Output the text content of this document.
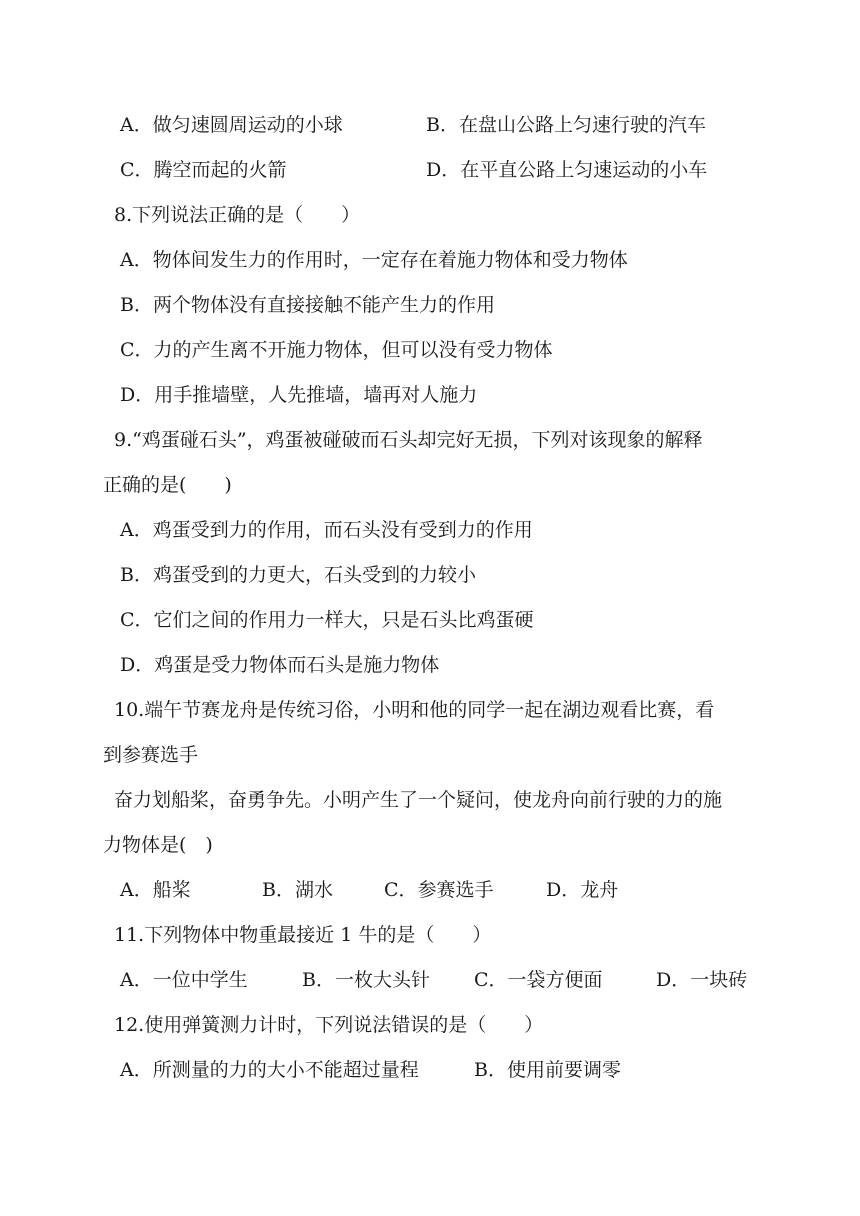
A．做匀速圆周运动的小球	B．在盘山公路上匀速行驶的汽车
C．腾空而起的火箭	D．在平直公路上匀速运动的小车
8.下列说法正确的是（　　）
A．物体间发生力的作用时，一定存在着施力物体和受力物体
B．两个物体没有直接接触不能产生力的作用
C．力的产生离不开施力物体，但可以没有受力物体
D．用手推墙壁，人先推墙，墙再对人施力
9.“鸡蛋碰石头”，鸡蛋被碰破而石头却完好无损，下列对该现象的解释
正确的是(　　)
A．鸡蛋受到力的作用，而石头没有受到力的作用
B．鸡蛋受到的力更大，石头受到的力较小
C．它们之间的作用力一样大，只是石头比鸡蛋硬
D．鸡蛋是受力物体而石头是施力物体
10.端午节赛龙舟是传统习俗，小明和他的同学一起在湖边观看比赛，看
到参赛选手
奋力划船桨，奋勇争先。小明产生了一个疑问，使龙舟向前行驶的力的施
力物体是(　)
A．船桨	B．湖水	C．参赛选手	D．龙舟
11.下列物体中物重最接近 1 牛的是（　　）
A．一位中学生	B．一枚大头针 C．一袋方便面	D．一块砖
12.使用弹簧测力计时，下列说法错误的是（　　）
A．所测量的力的大小不能超过量程	B．使用前要调零
